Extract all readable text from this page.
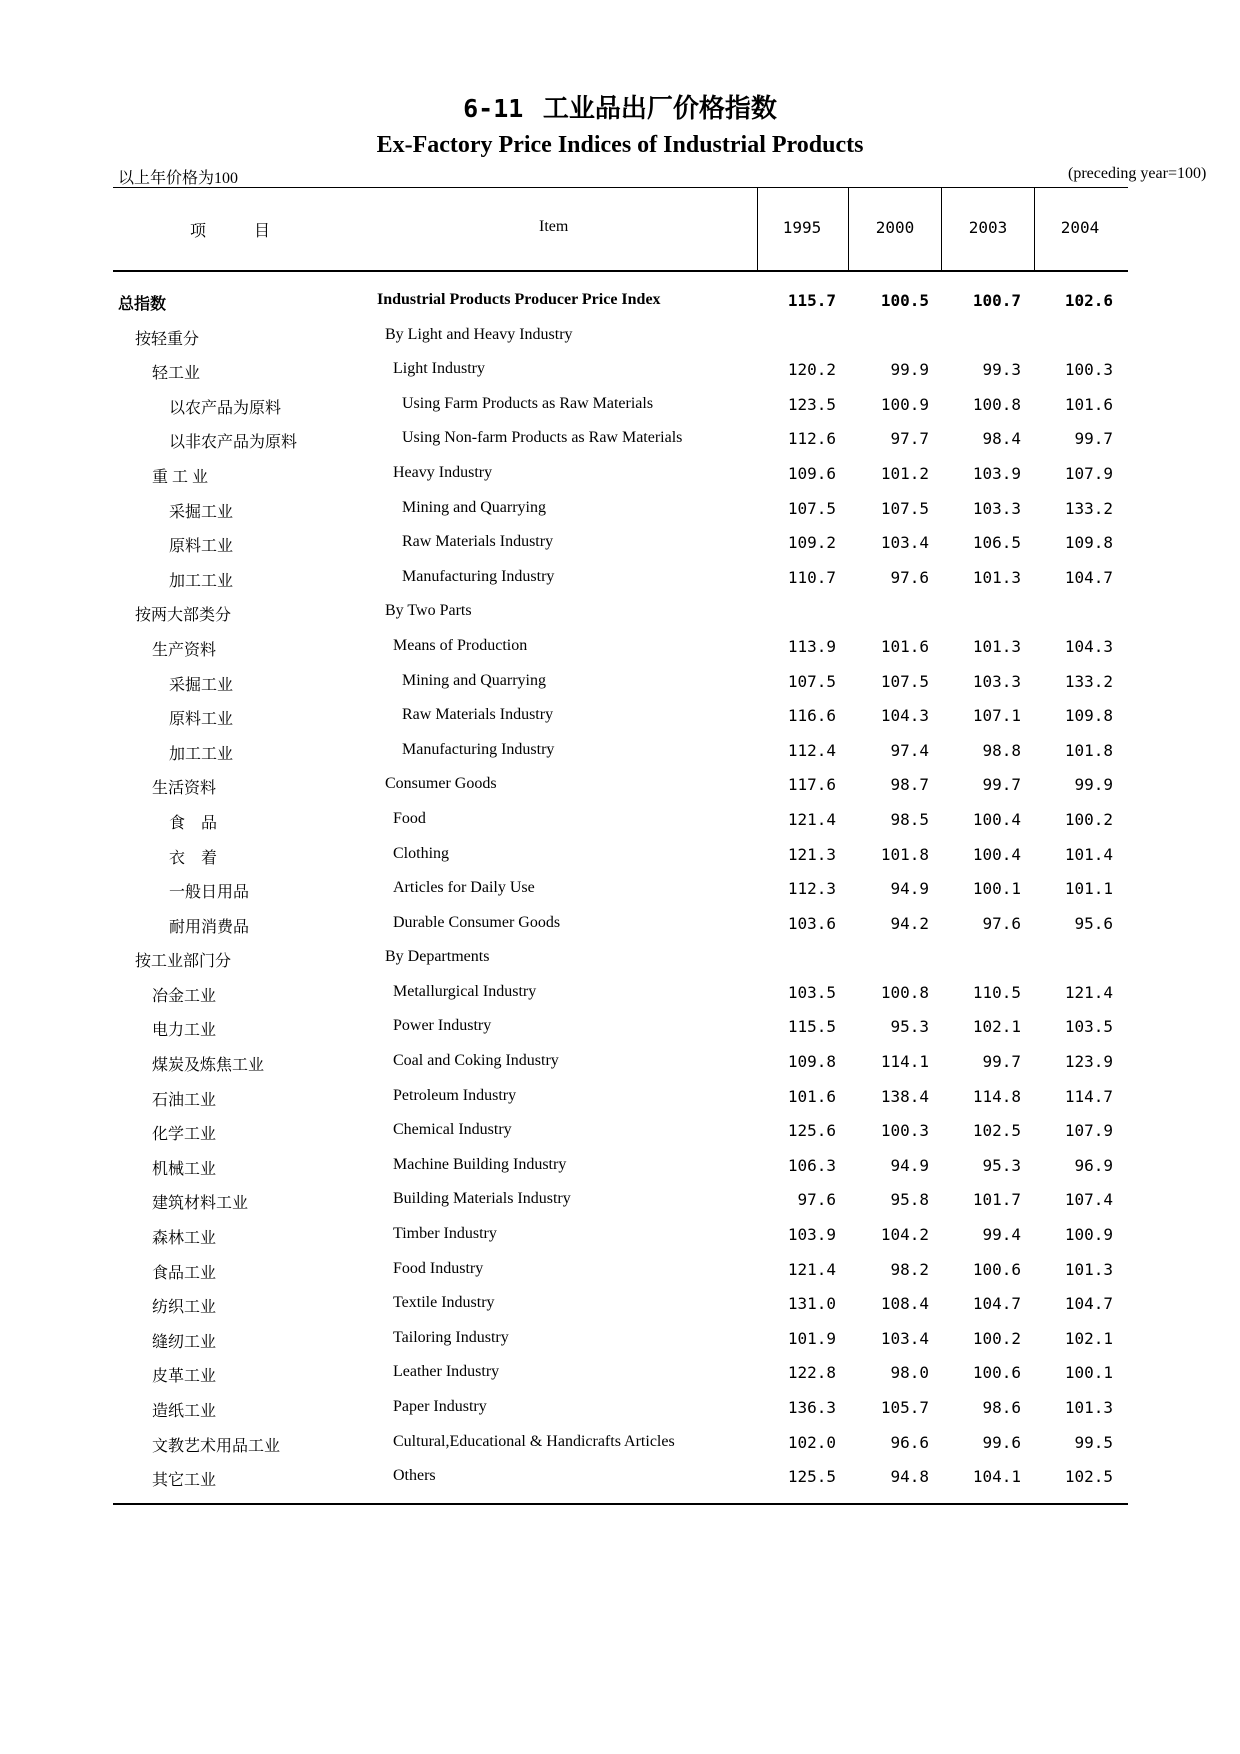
6-11 工业品出厂价格指数
Ex-Factory Price Indices of Industrial Products
以上年价格为100	(preceding year=100)
项　　　目	Item	1995	2000	2003	2004
总指数	Industrial Products Producer Price Index	115.7	100.5	100.7	102.6
按轻重分	By Light and Heavy Industry
轻工业	Light Industry	120.2	99.9	99.3	100.3
以农产品为原料	Using Farm Products as Raw Materials	123.5	100.9	100.8	101.6
以非农产品为原料	Using Non-farm Products as Raw Materials	112.6	97.7	98.4	99.7
重 工 业	Heavy Industry	109.6	101.2	103.9	107.9
采掘工业	Mining and Quarrying	107.5	107.5	103.3	133.2
原料工业	Raw Materials Industry	109.2	103.4	106.5	109.8
加工工业	Manufacturing Industry	110.7	97.6	101.3	104.7
按两大部类分	By Two Parts
生产资料	Means of Production	113.9	101.6	101.3	104.3
采掘工业	Mining and Quarrying	107.5	107.5	103.3	133.2
原料工业	Raw Materials Industry	116.6	104.3	107.1	109.8
加工工业	Manufacturing Industry	112.4	97.4	98.8	101.8
生活资料	Consumer Goods	117.6	98.7	99.7	99.9
食　品	Food	121.4	98.5	100.4	100.2
衣　着	Clothing	121.3	101.8	100.4	101.4
一般日用品	Articles for Daily Use	112.3	94.9	100.1	101.1
耐用消费品	Durable Consumer Goods	103.6	94.2	97.6	95.6
按工业部门分	By Departments
冶金工业	Metallurgical Industry	103.5	100.8	110.5	121.4
电力工业	Power Industry	115.5	95.3	102.1	103.5
煤炭及炼焦工业	Coal and Coking Industry	109.8	114.1	99.7	123.9
石油工业	Petroleum Industry	101.6	138.4	114.8	114.7
化学工业	Chemical Industry	125.6	100.3	102.5	107.9
机械工业	Machine Building Industry	106.3	94.9	95.3	96.9
建筑材料工业	Building Materials Industry	97.6	95.8	101.7	107.4
森林工业	Timber Industry	103.9	104.2	99.4	100.9
食品工业	Food Industry	121.4	98.2	100.6	101.3
纺织工业	Textile Industry	131.0	108.4	104.7	104.7
缝纫工业	Tailoring Industry	101.9	103.4	100.2	102.1
皮革工业	Leather Industry	122.8	98.0	100.6	100.1
造纸工业	Paper Industry	136.3	105.7	98.6	101.3
文教艺术用品工业	Cultural,Educational & Handicrafts Articles	102.0	96.6	99.6	99.5
其它工业	Others	125.5	94.8	104.1	102.5
